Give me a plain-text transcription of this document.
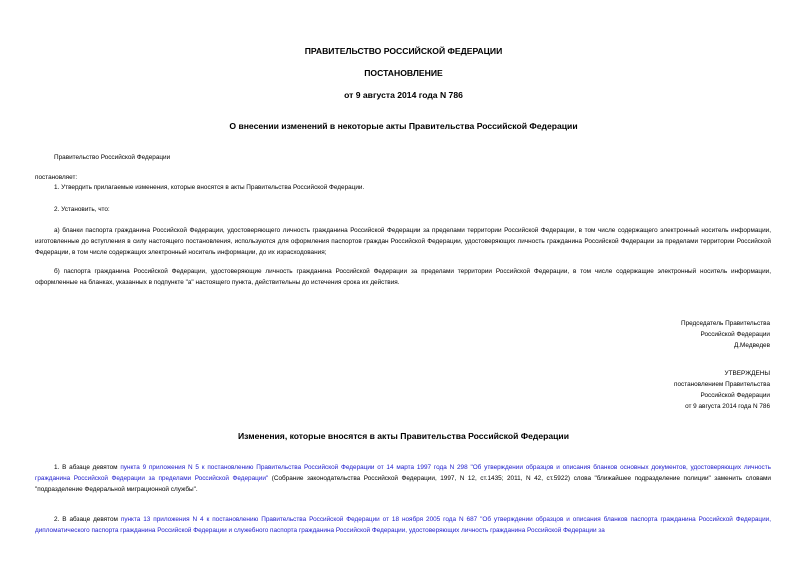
ПРАВИТЕЛЬСТВО РОССИЙСКОЙ ФЕДЕРАЦИИ
ПОСТАНОВЛЕНИЕ
от 9 августа 2014 года N 786
О внесении изменений в некоторые акты Правительства Российской Федерации
Правительство Российской Федерации
постановляет:
1. Утвердить прилагаемые изменения, которые вносятся в акты Правительства Российской Федерации.
2. Установить, что:
а) бланки паспорта гражданина Российской Федерации, удостоверяющего личность гражданина Российской Федерации за пределами территории Российской Федерации, в том числе содержащего электронный носитель информации, изготовленные до вступления в силу настоящего постановления, используются для оформления паспортов граждан Российской Федерации, удостоверяющих личность гражданина Российской Федерации за пределами территории Российской Федерации, в том числе содержащих электронный носитель информации, до их израсходования;
б) паспорта гражданина Российской Федерации, удостоверяющие личность гражданина Российской Федерации за пределами территории Российской Федерации, в том числе содержащие электронный носитель информации, оформленные на бланках, указанных в подпункте "а" настоящего пункта, действительны до истечения срока их действия.
Председатель Правительства
Российской Федерации
Д.Медведев
УТВЕРЖДЕНЫ
постановлением Правительства
Российской Федерации
от 9 августа 2014 года N 786
Изменения, которые вносятся в акты Правительства Российской Федерации
1. В абзаце девятом пункта 9 приложения N 5 к постановлению Правительства Российской Федерации от 14 марта 1997 года N 298 "Об утверждении образцов и описания бланков основных документов, удостоверяющих личность гражданина Российской Федерации за пределами Российской Федерации" (Собрание законодательства Российской Федерации, 1997, N 12, ст.1435; 2011, N 42, ст.5922) слова "ближайшее подразделение полиции" заменить словами "подразделение Федеральной миграционной службы".
2. В абзаце девятом пункта 13 приложения N 4 к постановлению Правительства Российской Федерации от 18 ноября 2005 года N 687 "Об утверждении образцов и описания бланков паспорта гражданина Российской Федерации, дипломатического паспорта гражданина Российской Федерации и служебного паспорта гражданина Российской Федерации, удостоверяющих личность гражданина Российской Федерации за
